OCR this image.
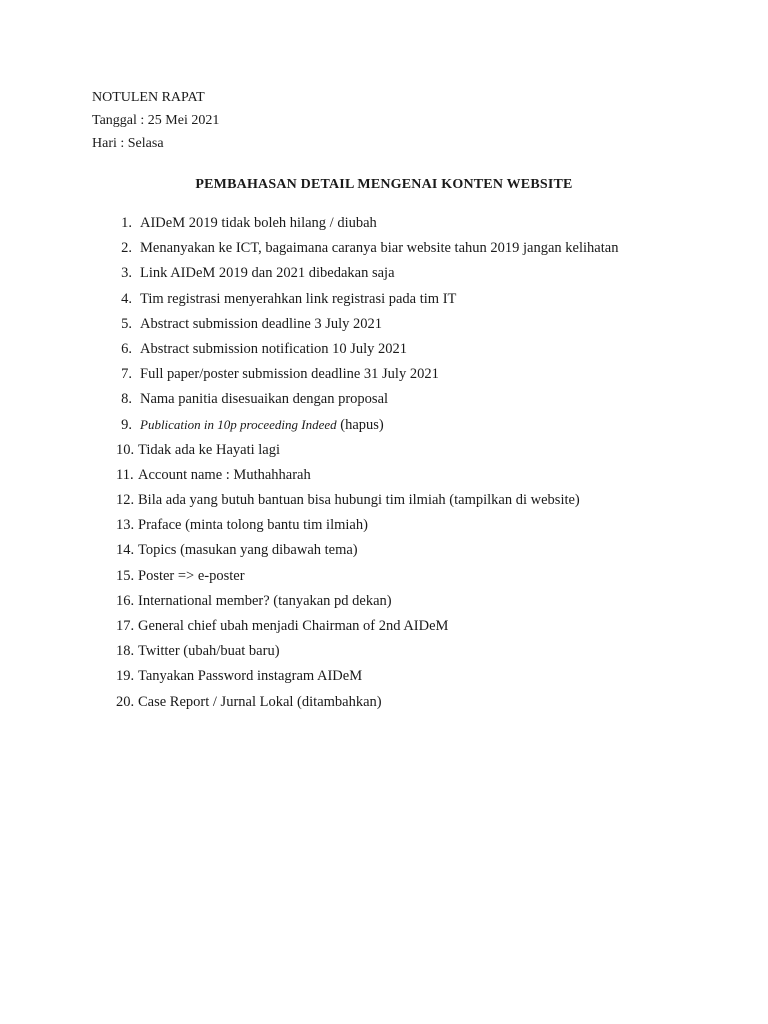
NOTULEN RAPAT
Tanggal : 25 Mei 2021
Hari : Selasa
PEMBAHASAN DETAIL MENGENAI KONTEN WEBSITE
1. AIDeM 2019 tidak boleh hilang / diubah
2. Menanyakan ke ICT, bagaimana caranya biar website tahun 2019 jangan kelihatan
3. Link AIDeM 2019 dan 2021 dibedakan saja
4. Tim registrasi menyerahkan link registrasi pada tim IT
5. Abstract submission deadline 3 July 2021
6. Abstract submission notification 10 July 2021
7. Full paper/poster submission deadline 31 July 2021
8. Nama panitia disesuaikan dengan proposal
9. Publication in 10p proceeding Indeed (hapus)
10. Tidak ada ke Hayati lagi
11. Account name : Muthahharah
12. Bila ada yang butuh bantuan bisa hubungi tim ilmiah (tampilkan di website)
13. Praface (minta tolong bantu tim ilmiah)
14. Topics (masukan yang dibawah tema)
15. Poster => e-poster
16. International member? (tanyakan pd dekan)
17. General chief ubah menjadi Chairman of 2nd AIDeM
18. Twitter (ubah/buat baru)
19. Tanyakan Password instagram AIDeM
20. Case Report / Jurnal Lokal (ditambahkan)
